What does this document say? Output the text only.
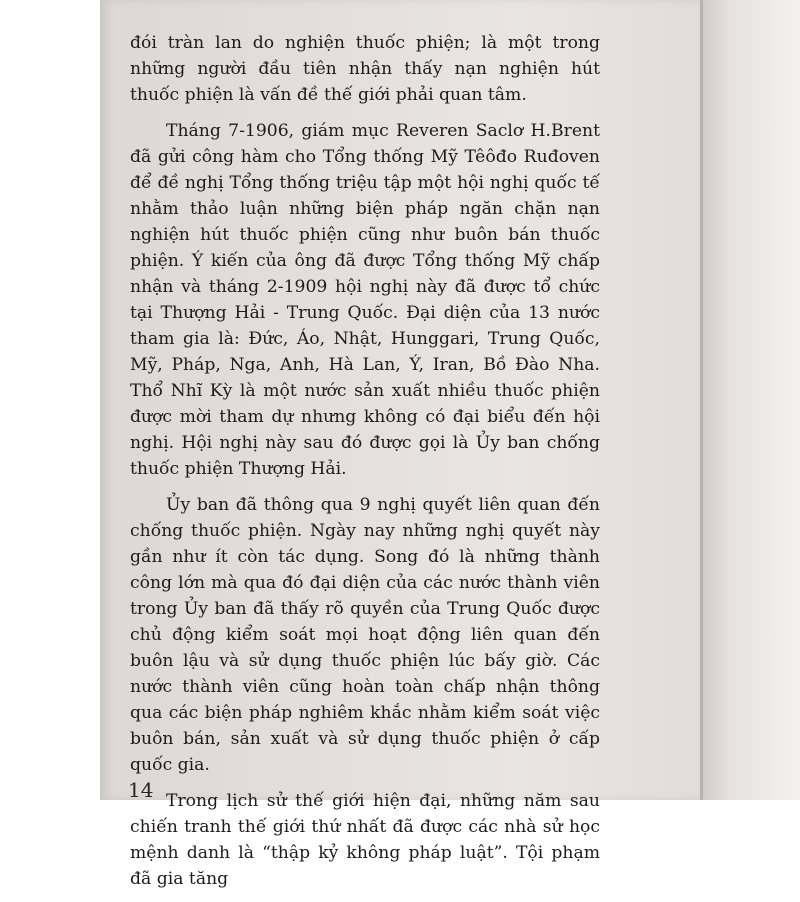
đói tràn lan do nghiện thuốc phiện; là một trong những người đầu tiên nhận thấy nạn nghiện hút thuốc phiện là vấn đề thế giới phải quan tâm.

Tháng 7-1906, giám mục Reveren Saclơ H.Brent đã gửi công hàm cho Tổng thống Mỹ Têôđo Ruđoven để đề nghị Tổng thống triệu tập một hội nghị quốc tế nhằm thảo luận những biện pháp ngăn chặn nạn nghiện hút thuốc phiện cũng như buôn bán thuốc phiện. Ý kiến của ông đã được Tổng thống Mỹ chấp nhận và tháng 2-1909 hội nghị này đã được tổ chức tại Thượng Hải - Trung Quốc. Đại diện của 13 nước tham gia là: Đức, Áo, Nhật, Hunggari, Trung Quốc, Mỹ, Pháp, Nga, Anh, Hà Lan, Ý, Iran, Bồ Đào Nha. Thổ Nhĩ Kỳ là một nước sản xuất nhiều thuốc phiện được mời tham dự nhưng không có đại biểu đến hội nghị. Hội nghị này sau đó được gọi là Ủy ban chống thuốc phiện Thượng Hải.

Ủy ban đã thông qua 9 nghị quyết liên quan đến chống thuốc phiện. Ngày nay những nghị quyết này gần như ít còn tác dụng. Song đó là những thành công lớn mà qua đó đại diện của các nước thành viên trong Ủy ban đã thấy rõ quyền của Trung Quốc được chủ động kiểm soát mọi hoạt động liên quan đến buôn lậu và sử dụng thuốc phiện lúc bấy giờ. Các nước thành viên cũng hoàn toàn chấp nhận thông qua các biện pháp nghiêm khắc nhằm kiểm soát việc buôn bán, sản xuất và sử dụng thuốc phiện ở cấp quốc gia.

Trong lịch sử thế giới hiện đại, những năm sau chiến tranh thế giới thứ nhất đã được các nhà sử học mệnh danh là “thập kỷ không pháp luật”. Tội phạm đã gia tăng

14
